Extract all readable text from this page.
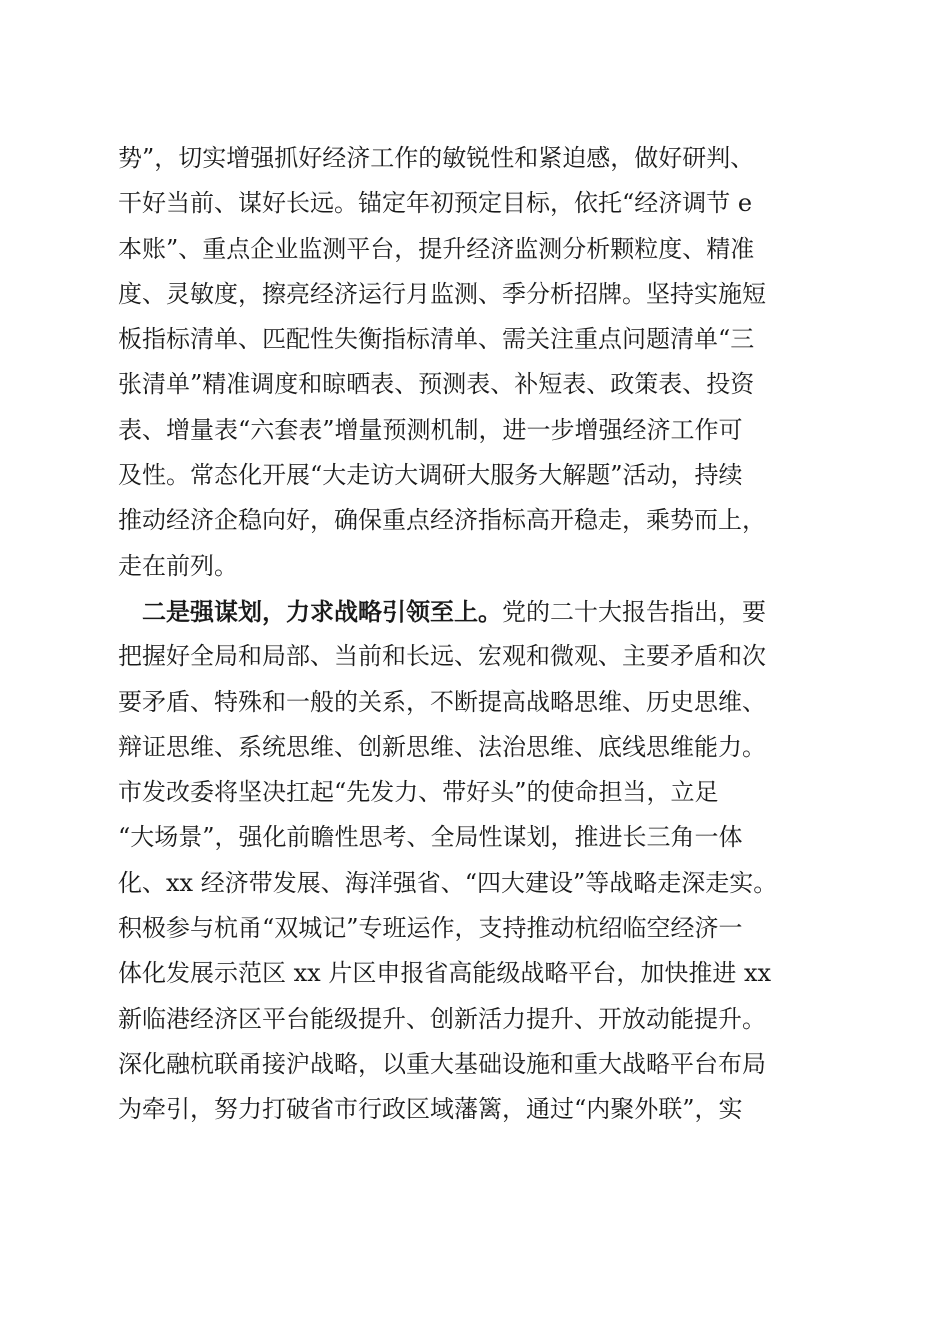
势”，切实增强抓好经济工作的敏锐性和紧迫感，做好研判、
干好当前、谋好长远。锚定年初预定目标，依托“经济调节 e
本账”、重点企业监测平台，提升经济监测分析颗粒度、精准
度、灵敏度，擦亮经济运行月监测、季分析招牌。坚持实施短
板指标清单、匹配性失衡指标清单、需关注重点问题清单“三
张清单”精准调度和晾晒表、预测表、补短表、政策表、投资
表、增量表“六套表”增量预测机制，进一步增强经济工作可
及性。常态化开展“大走访大调研大服务大解题”活动，持续
推动经济企稳向好，确保重点经济指标高开稳走，乘势而上，
走在前列。
二是强谋划，力求战略引领至上。党的二十大报告指出，要
把握好全局和局部、当前和长远、宏观和微观、主要矛盾和次
要矛盾、特殊和一般的关系，不断提高战略思维、历史思维、
辩证思维、系统思维、创新思维、法治思维、底线思维能力。
市发改委将坚决扛起“先发力、带好头”的使命担当，立足
“大场景”，强化前瞻性思考、全局性谋划，推进长三角一体
化、xx 经济带发展、海洋强省、“四大建设”等战略走深走实。
积极参与杭甬“双城记”专班运作，支持推动杭绍临空经济一
体化发展示范区 xx 片区申报省高能级战略平台，加快推进 xx
新临港经济区平台能级提升、创新活力提升、开放动能提升。
深化融杭联甬接沪战略，以重大基础设施和重大战略平台布局
为牵引，努力打破省市行政区域藩篱，通过“内聚外联”，实
